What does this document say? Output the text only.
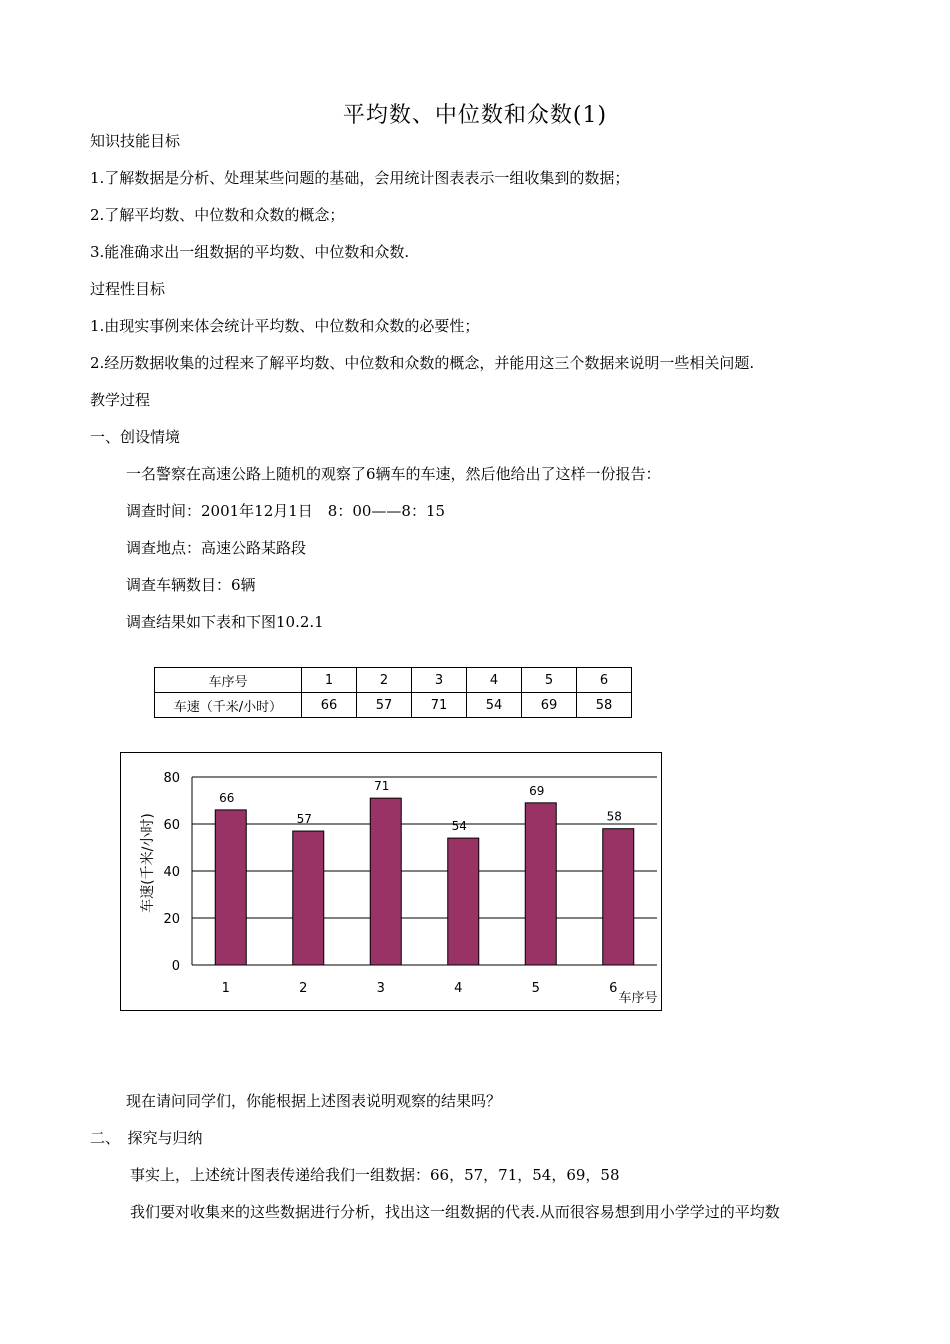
平均数、中位数和众数(1)
知识技能目标
1.了解数据是分析、处理某些问题的基础，会用统计图表表示一组收集到的数据；
2.了解平均数、中位数和众数的概念；
3.能准确求出一组数据的平均数、中位数和众数.
过程性目标
1.由现实事例来体会统计平均数、中位数和众数的必要性；
2.经历数据收集的过程来了解平均数、中位数和众数的概念，并能用这三个数据来说明一些相关问题.
教学过程
一、创设情境
一名警察在高速公路上随机的观察了6辆车的车速，然后他给出了这样一份报告：
调查时间：2001年12月1日　8：00——8：15
调查地点：高速公路某路段
调查车辆数目：6辆
调查结果如下表和下图10.2.1
车序号	1	2	3	4	5	6
车速（千米/小时）	66	57	71	54	69	58
0
20
40
60
80
66
1
57
2
71
3
54
4
69
5
58
6
车序号
车速(千米/小时)
现在请问同学们，你能根据上述图表说明观察的结果吗？
二、　探究与归纳
事实上，上述统计图表传递给我们一组数据：66，57，71，54，69，58
我们要对收集来的这些数据进行分析，找出这一组数据的代表.从而很容易想到用小学学过的平均数
